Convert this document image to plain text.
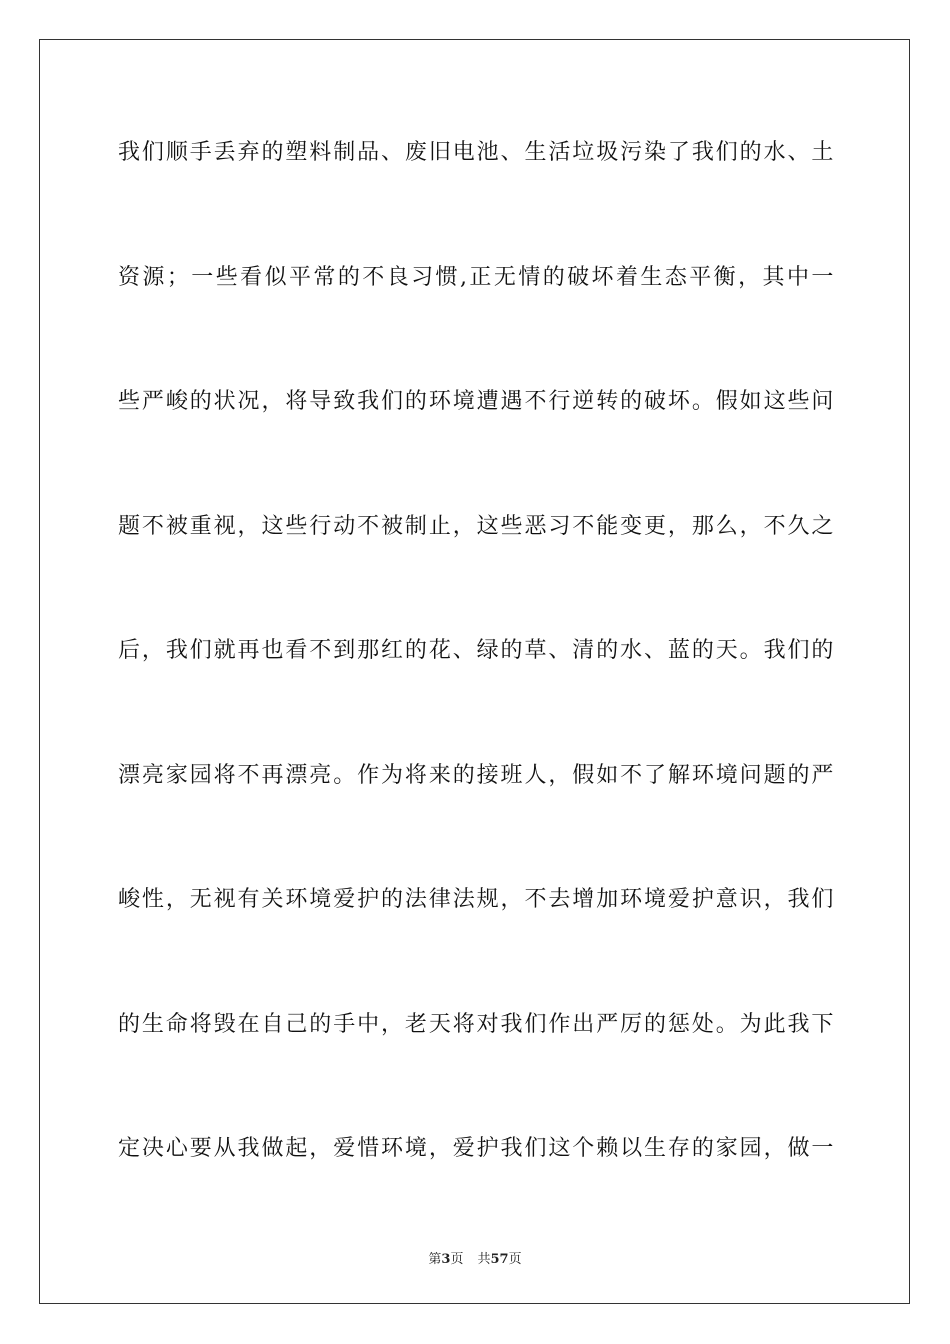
我们顺手丢弃的塑料制品、废旧电池、生活垃圾污染了我们的水、土
资源；一些看似平常的不良习惯,正无情的破坏着生态平衡，其中一
些严峻的状况，将导致我们的环境遭遇不行逆转的破坏。假如这些问
题不被重视，这些行动不被制止，这些恶习不能变更，那么，不久之
后，我们就再也看不到那红的花、绿的草、清的水、蓝的天。我们的
漂亮家园将不再漂亮。作为将来的接班人，假如不了解环境问题的严
峻性，无视有关环境爱护的法律法规，不去增加环境爱护意识，我们
的生命将毁在自己的手中，老天将对我们作出严厉的惩处。为此我下
定决心要从我做起，爱惜环境，爱护我们这个赖以生存的家园，做一
第3页 共57页
